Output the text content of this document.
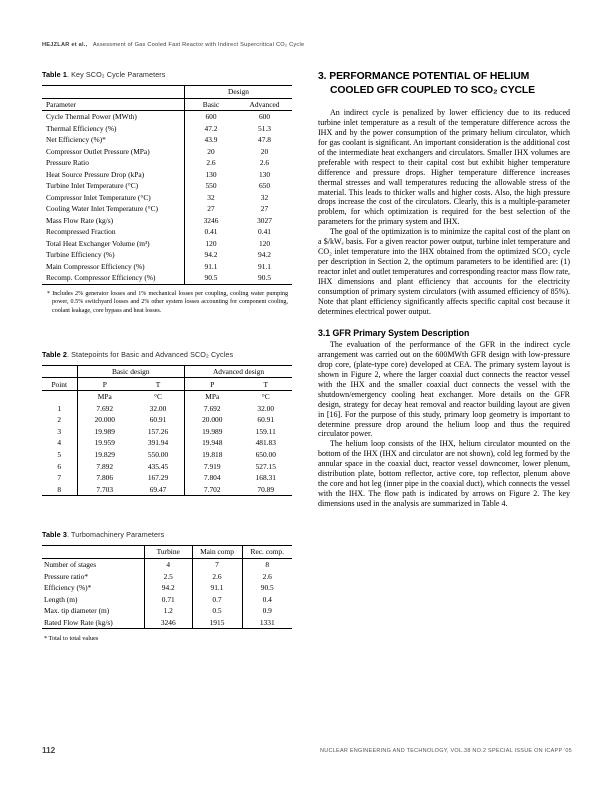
HEJZLAR et al., Assessment of Gas Cooled Fast Reactor with Indirect Supercritical CO₂ Cycle
Table 1. Key SCO₂ Cycle Parameters
	Design	
Parameter	Basic	Advanced
Cycle Thermal Power (MWth)	600	600
Thermal Efficiency (%)	47.2	51.3
Net Efficiency (%)*	43.9	47.8
Compressor Outlet Pressure (MPa)	20	20
Pressure Ratio	2.6	2.6
Heat Source Pressure Drop (kPa)	130	130
Turbine Inlet Temperature (°C)	550	650
Compressor Inlet Temperature (°C)	32	32
Cooling Water Inlet Temperature (°C)	27	27
Mass Flow Rate (kg/s)	3246	3027
Recompressed Fraction	0.41	0.41
Total Heat Exchanger Volume (m³)	120	120
Turbine Efficiency (%)	94.2	94.2
Main Compressor Efficiency (%)	91.1	91.1
Recomp. Compressor Efficiency (%)	90.5	90.5
* Includes 2% generator losses and 1% mechanical losses per coupling, cooling water pumping power, 0.5% switchyard losses and 2% other system losses accounting for component cooling, coolant leakage, core bypass and heat losses.
Table 2. Statepoints for Basic and Advanced SCO₂ Cycles
	Basic design		Advanced design	
Point	P	T	P	T
	MPa	°C	MPa	°C
1	7.692	32.00	7.692	32.00
2	20.000	60.91	20.000	60.91
3	19.989	157.26	19.989	159.11
4	19.959	391.94	19.948	481.83
5	19.829	550.00	19.818	650.00
6	7.892	435.45	7.919	527.15
7	7.806	167.29	7.804	168.31
8	7.703	69.47	7.702	70.89
Table 3. Turbomachinery Parameters
	Turbine	Main comp	Rec. comp.
Number of stages	4	7	8
Pressure ratio*	2.5	2.6	2.6
Efficiency (%)*	94.2	91.1	90.5
Length (m)	0.71	0.7	0.4
Max. tip diameter (m)	1.2	0.5	0.9
Rated Flow Rate (kg/s)	3246	1915	1331
* Total to total values
3. PERFORMANCE POTENTIAL OF HELIUM
COOLED GFR COUPLED TO SCO₂ CYCLE

An indirect cycle is penalized by lower efficiency due to its reduced turbine inlet temperature as a result of the temperature difference across the IHX and by the power consumption of the primary helium circulator, which for gas coolant is significant. An important consideration is the additional cost of the intermediate heat exchangers and circulators. Smaller IHX volumes are preferable with respect to their capital cost but exhibit higher temperature difference and pressure drops. Higher temperature difference increases thermal stresses and wall temperatures reducing the allowable stress of the material. This leads to thicker walls and higher costs. Also, the high pressure drops increase the cost of the circulators. Clearly, this is a multiple-parameter problem, for which optimization is required for the best selection of the parameters for the primary system and IHX.

The goal of the optimization is to minimize the capital cost of the plant on a $/kWₑ basis. For a given reactor power output, turbine inlet temperature and CO₂ inlet temperature into the IHX obtained from the optimized SCO₂ cycle per description in Section 2, the optimum parameters to be identified are: (1) reactor inlet and outlet temperatures and corresponding reactor mass flow rate, IHX dimensions and plant efficiency that accounts for the electricity consumption of primary system circulators (with assumed efficiency of 85%). Note that plant efficiency significantly affects specific capital cost because it determines electrical power output.

3.1 GFR Primary System Description

The evaluation of the performance of the GFR in the indirect cycle arrangement was carried out on the 600MWth GFR design with low-pressure drop core, (plate-type core) developed at CEA. The primary system layout is shown in Figure 2, where the larger coaxial duct connects the reactor vessel with the IHX and the smaller coaxial duct connects the vessel with the shutdown/emergency cooling heat exchanger. More details on the GFR design, strategy for decay heat removal and reactor building layout are given in [16]. For the purpose of this study, primary loop geometry is important to determine pressure drop around the helium loop and thus the required circulator power.

The helium loop consists of the IHX, helium circulator mounted on the bottom of the IHX (IHX and circulator are not shown), cold leg formed by the annular space in the coaxial duct, reactor vessel downcomer, lower plenum, distribution plate, bottom reflector, active core, top reflector, plenum above the core and hot leg (inner pipe in the coaxial duct), which connects the vessel with the IHX. The flow path is indicated by arrows on Figure 2. The key dimensions used in the analysis are summarized in Table 4.

112	NUCLEAR ENGINEERING AND TECHNOLOGY, VOL.38 NO.2 SPECIAL ISSUE ON ICAPP '05
